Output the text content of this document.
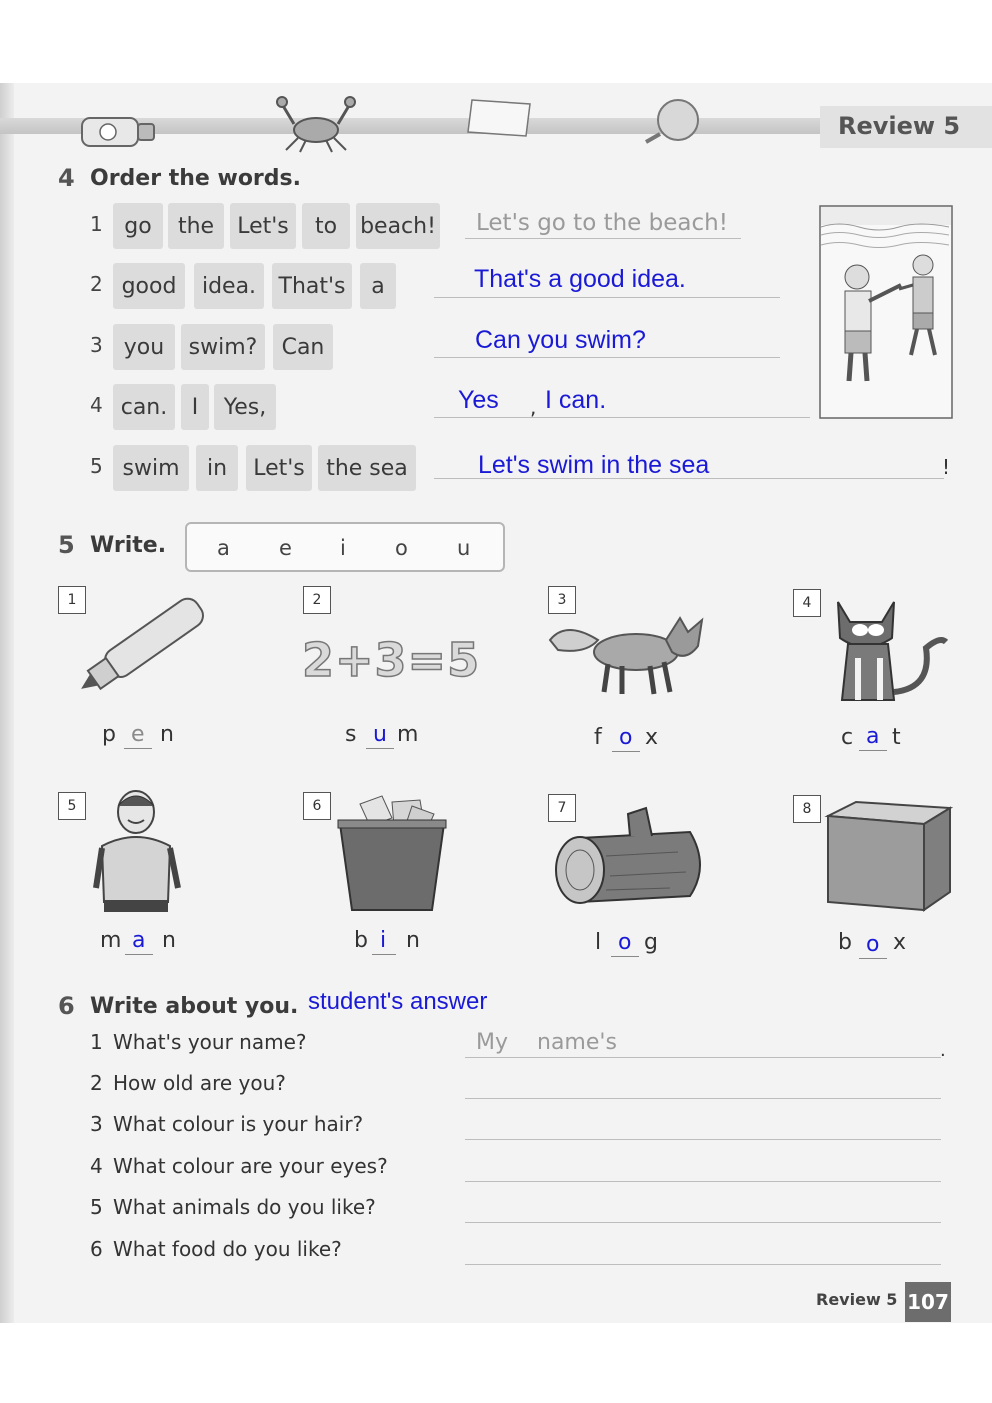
Review 5
4 Order the words.
1 go	the	Let's	to	beach! Let's go to the beach!
2 good	idea.	That's	a	That's a good idea.
3 you	swim?	Can	Can you swim?
4 can.	I	Yes,	Yes , I can.
5 swim	in	Let's the sea	Let's swim in the sea	!
5 Write. a e i o u
1
p e n
2
2+3=5
s u m
3
f o x
4
c a t
5
m a n
6
b i n
7
l o g
8
b o x
6 Write about you. student's answer
1 What's your name?	My name's	.
2 How old are you?
3 What colour is your hair?
4 What colour are your eyes?
5 What animals do you like?
6 What food do you like?
Review 5 107
